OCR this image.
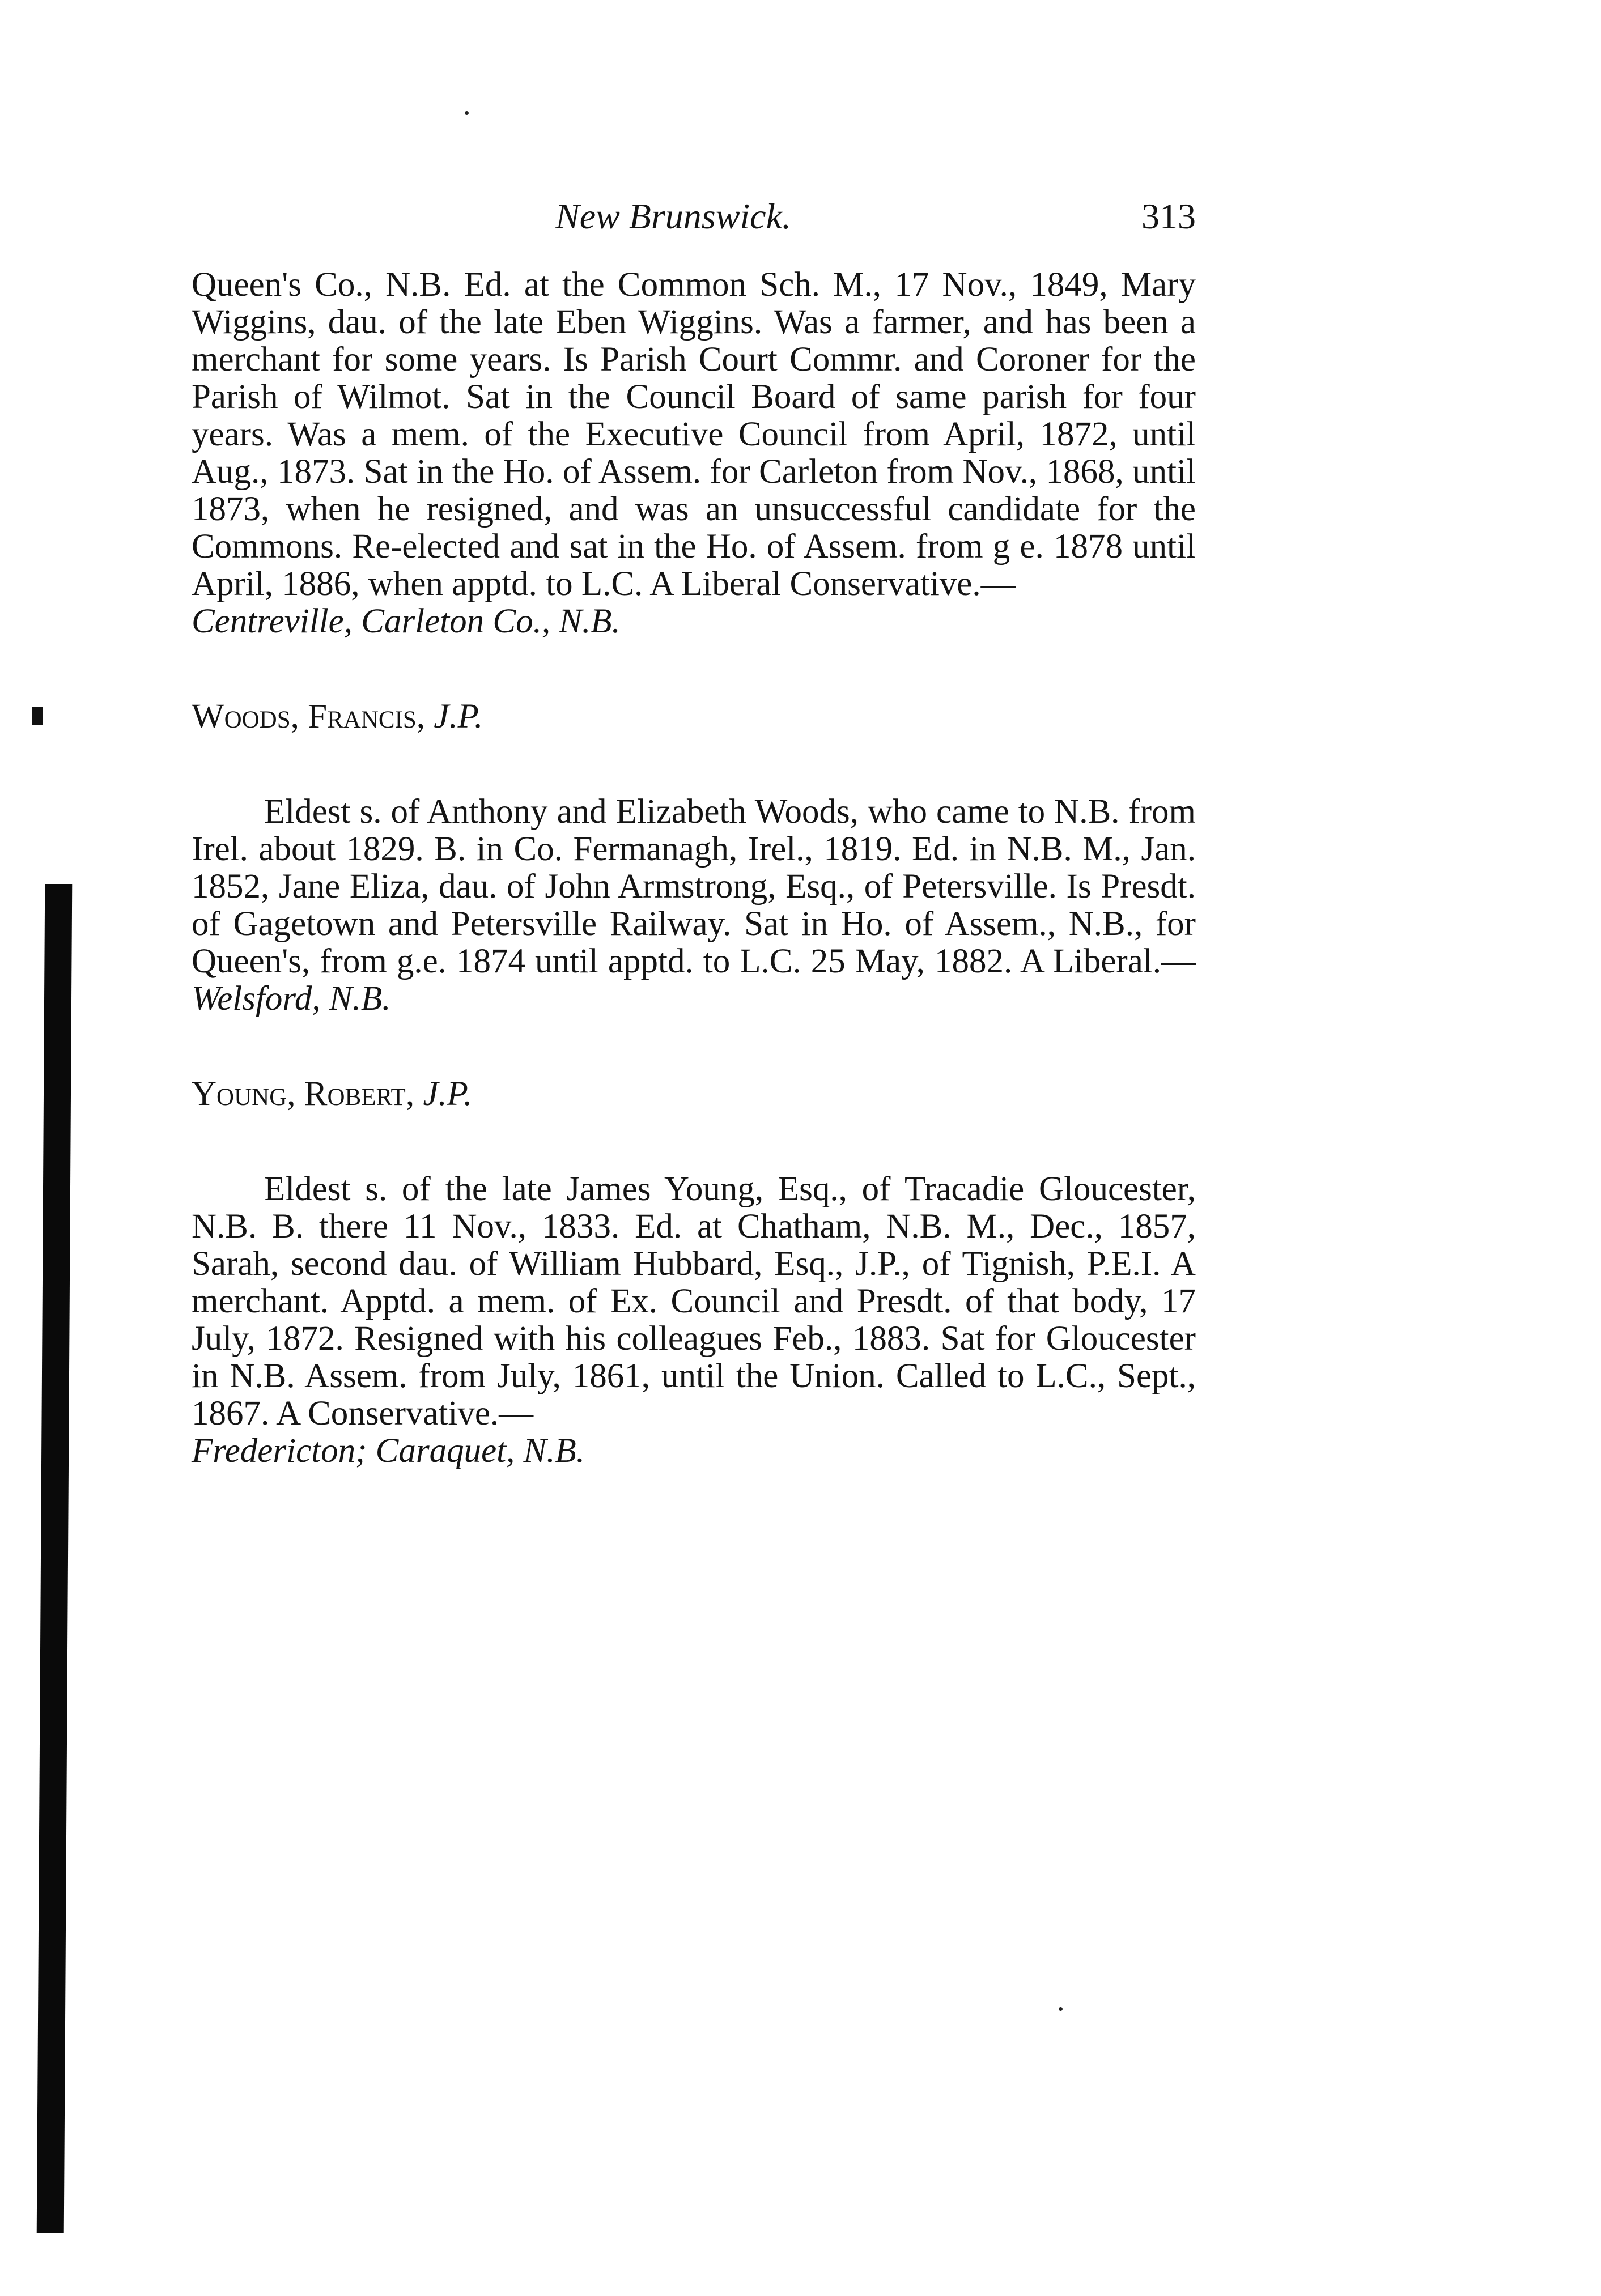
New Brunswick.	313

Queen's Co., N.B. Ed. at the Common Sch. M., 17 Nov., 1849, Mary Wiggins, dau. of the late Eben Wiggins. Was a farmer, and has been a merchant for some years. Is Parish Court Commr. and Coroner for the Parish of Wilmot. Sat in the Council Board of same parish for four years. Was a mem. of the Executive Council from April, 1872, until Aug., 1873. Sat in the Ho. of Assem. for Carleton from Nov., 1868, until 1873, when he resigned, and was an unsuccessful candidate for the Commons. Re-elected and sat in the Ho. of Assem. from g e. 1878 until April, 1886, when apptd. to L.C. A Liberal Conservative.—
Centreville, Carleton Co., N.B.

Woods, Francis, J.P.

Eldest s. of Anthony and Elizabeth Woods, who came to N.B. from Irel. about 1829. B. in Co. Fermanagh, Irel., 1819. Ed. in N.B. M., Jan. 1852, Jane Eliza, dau. of John Armstrong, Esq., of Petersville. Is Presdt. of Gagetown and Petersville Railway. Sat in Ho. of Assem., N.B., for Queen's, from g.e. 1874 until apptd. to L.C. 25 May, 1882. A Liberal.— Welsford, N.B.

Young, Robert, J.P.

Eldest s. of the late James Young, Esq., of Tracadie Gloucester, N.B. B. there 11 Nov., 1833. Ed. at Chatham, N.B. M., Dec., 1857, Sarah, second dau. of William Hubbard, Esq., J.P., of Tignish, P.E.I. A merchant. Apptd. a mem. of Ex. Council and Presdt. of that body, 17 July, 1872. Resigned with his colleagues Feb., 1883. Sat for Gloucester in N.B. Assem. from July, 1861, until the Union. Called to L.C., Sept., 1867. A Conservative.—
Fredericton; Caraquet, N.B.
